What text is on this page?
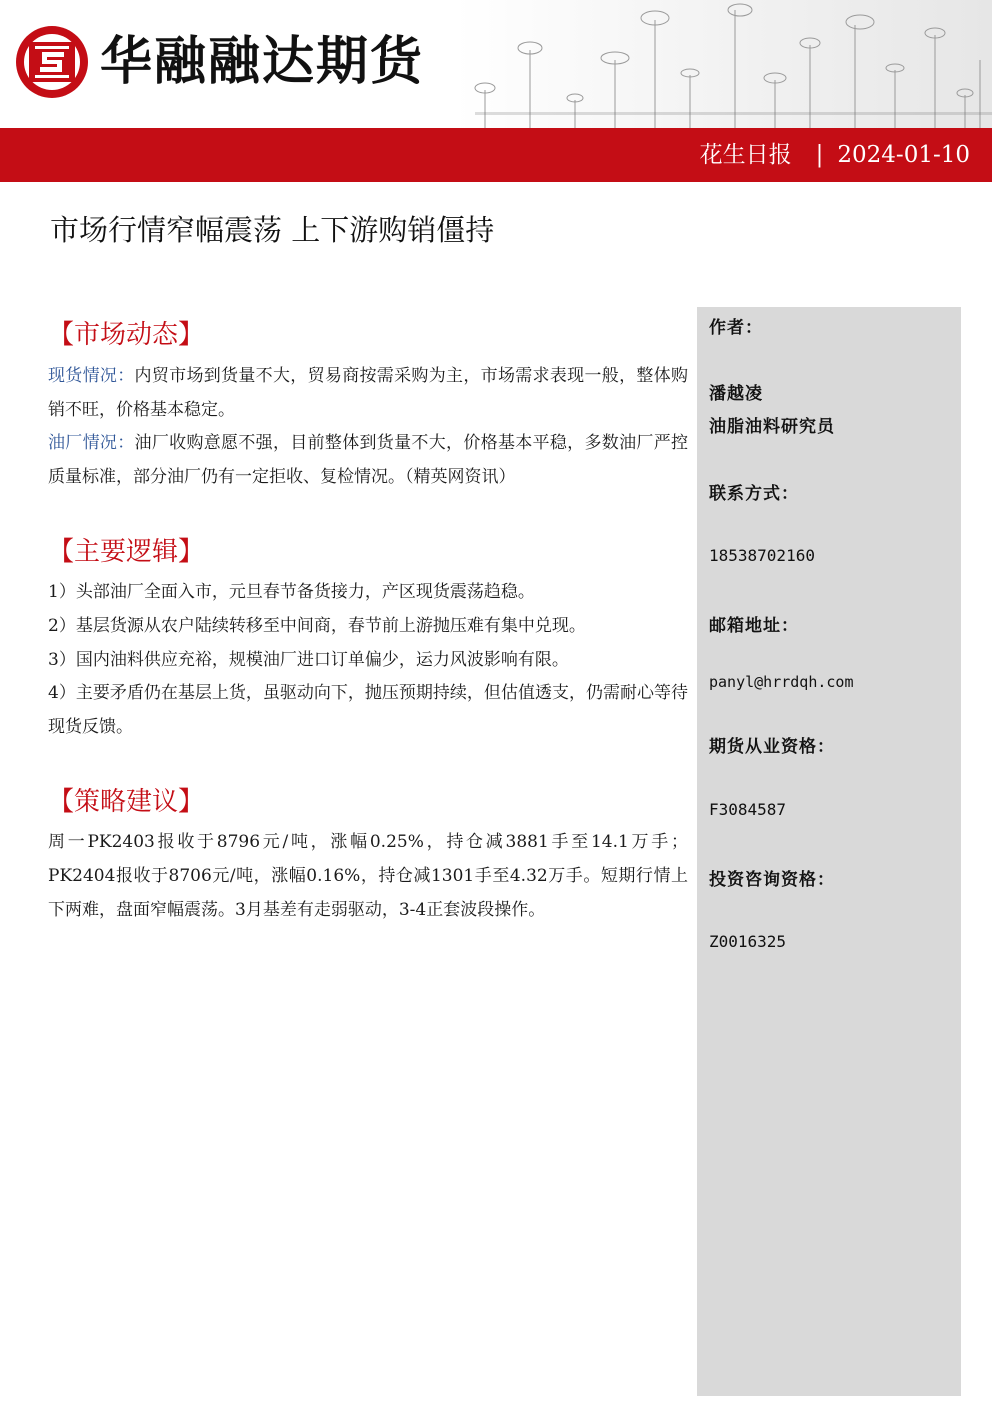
华融融达期货
花生日报 | 2024-01-10
市场行情窄幅震荡 上下游购销僵持
【市场动态】
现货情况：内贸市场到货量不大，贸易商按需采购为主，市场需求表现一般，整体购销不旺，价格基本稳定。
油厂情况：油厂收购意愿不强，目前整体到货量不大，价格基本平稳，多数油厂严控质量标准，部分油厂仍有一定拒收、复检情况。（精英网资讯）
【主要逻辑】
1）头部油厂全面入市，元旦春节备货接力，产区现货震荡趋稳。
2）基层货源从农户陆续转移至中间商，春节前上游抛压难有集中兑现。
3）国内油料供应充裕，规模油厂进口订单偏少，运力风波影响有限。
4）主要矛盾仍在基层上货，虽驱动向下，抛压预期持续，但估值透支，仍需耐心等待现货反馈。
【策略建议】
周一PK2403报收于8796元/吨，涨幅0.25%，持仓减3881手至14.1万手；PK2404报收于8706元/吨，涨幅0.16%，持仓减1301手至4.32万手。短期行情上下两难，盘面窄幅震荡。3月基差有走弱驱动，3-4正套波段操作。
作者：
潘越凌
油脂油料研究员
联系方式：
18538702160
邮箱地址：
panyl@hrrdqh.com
期货从业资格：
F3084587
投资咨询资格：
Z0016325
